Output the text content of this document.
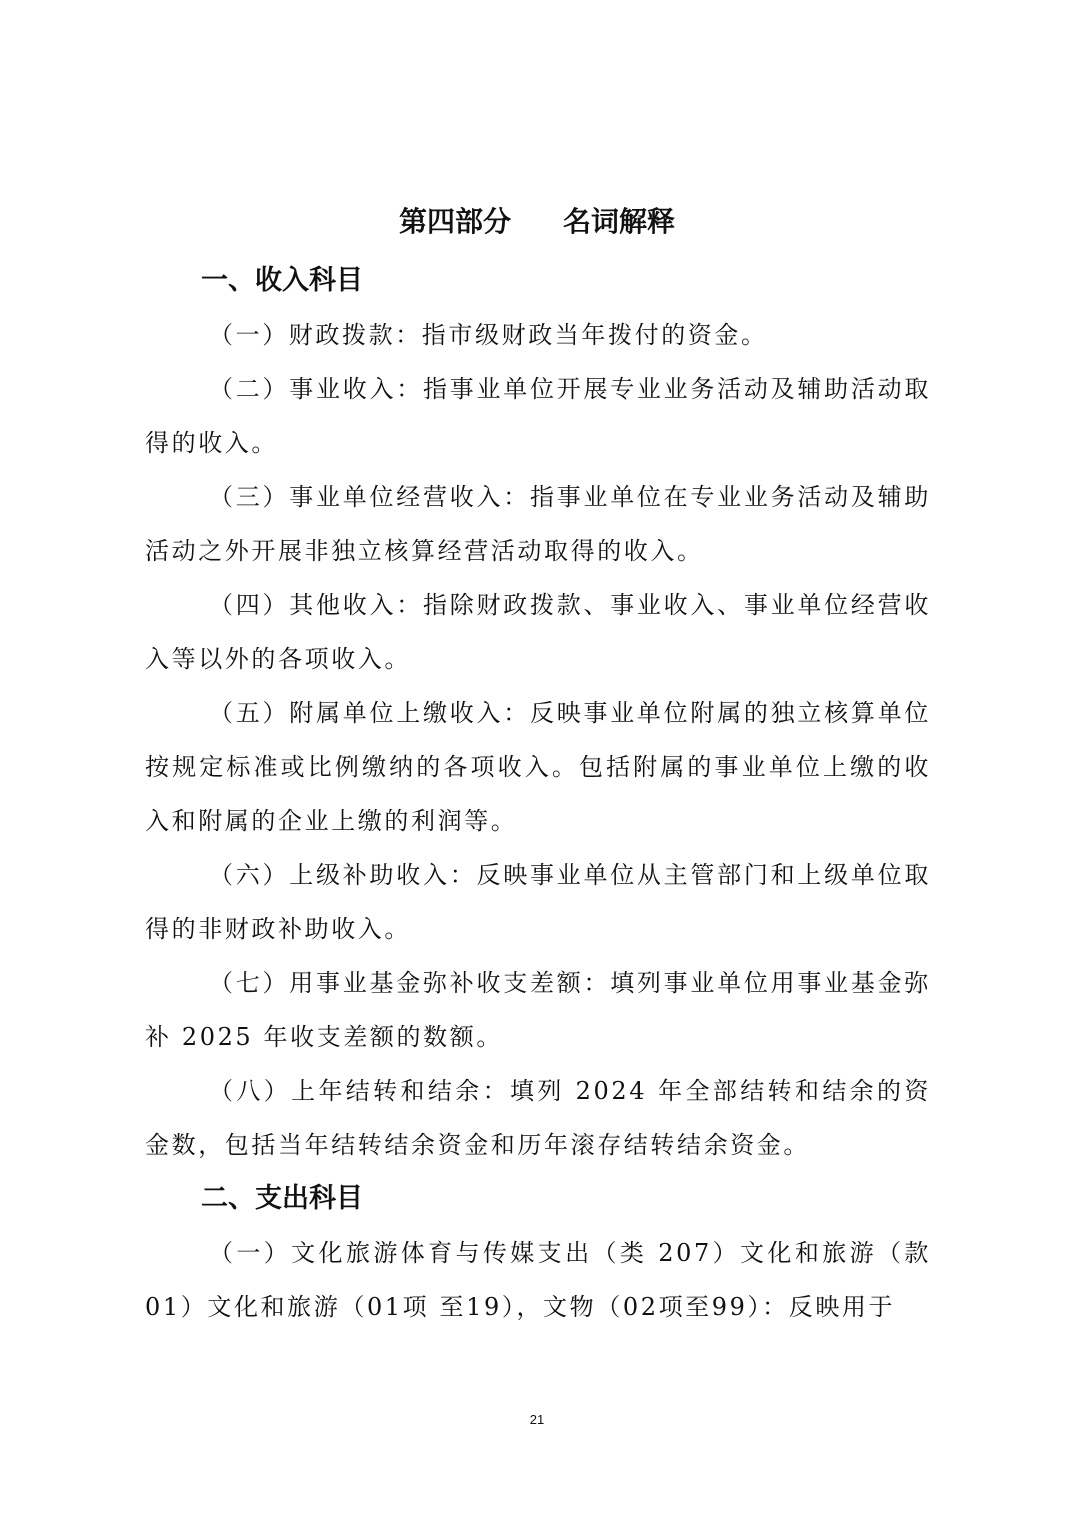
第四部分 名词解释
一、收入科目

（一）财政拨款：指市级财政当年拨付的资金。

（二）事业收入：指事业单位开展专业业务活动及辅助活动取得的收入。

（三）事业单位经营收入：指事业单位在专业业务活动及辅助活动之外开展非独立核算经营活动取得的收入。

（四）其他收入：指除财政拨款、事业收入、事业单位经营收入等以外的各项收入。

（五）附属单位上缴收入：反映事业单位附属的独立核算单位按规定标准或比例缴纳的各项收入。包括附属的事业单位上缴的收入和附属的企业上缴的利润等。

（六）上级补助收入：反映事业单位从主管部门和上级单位取得的非财政补助收入。

（七）用事业基金弥补收支差额：填列事业单位用事业基金弥补 2025 年收支差额的数额。

（八）上年结转和结余：填列 2024 年全部结转和结余的资金数，包括当年结转结余资金和历年滚存结转结余资金。

二、支出科目

（一）文化旅游体育与传媒支出（类 207）文化和旅游（款01）文化和旅游（01项 至19），文物（02项至99）：反映用于

21
